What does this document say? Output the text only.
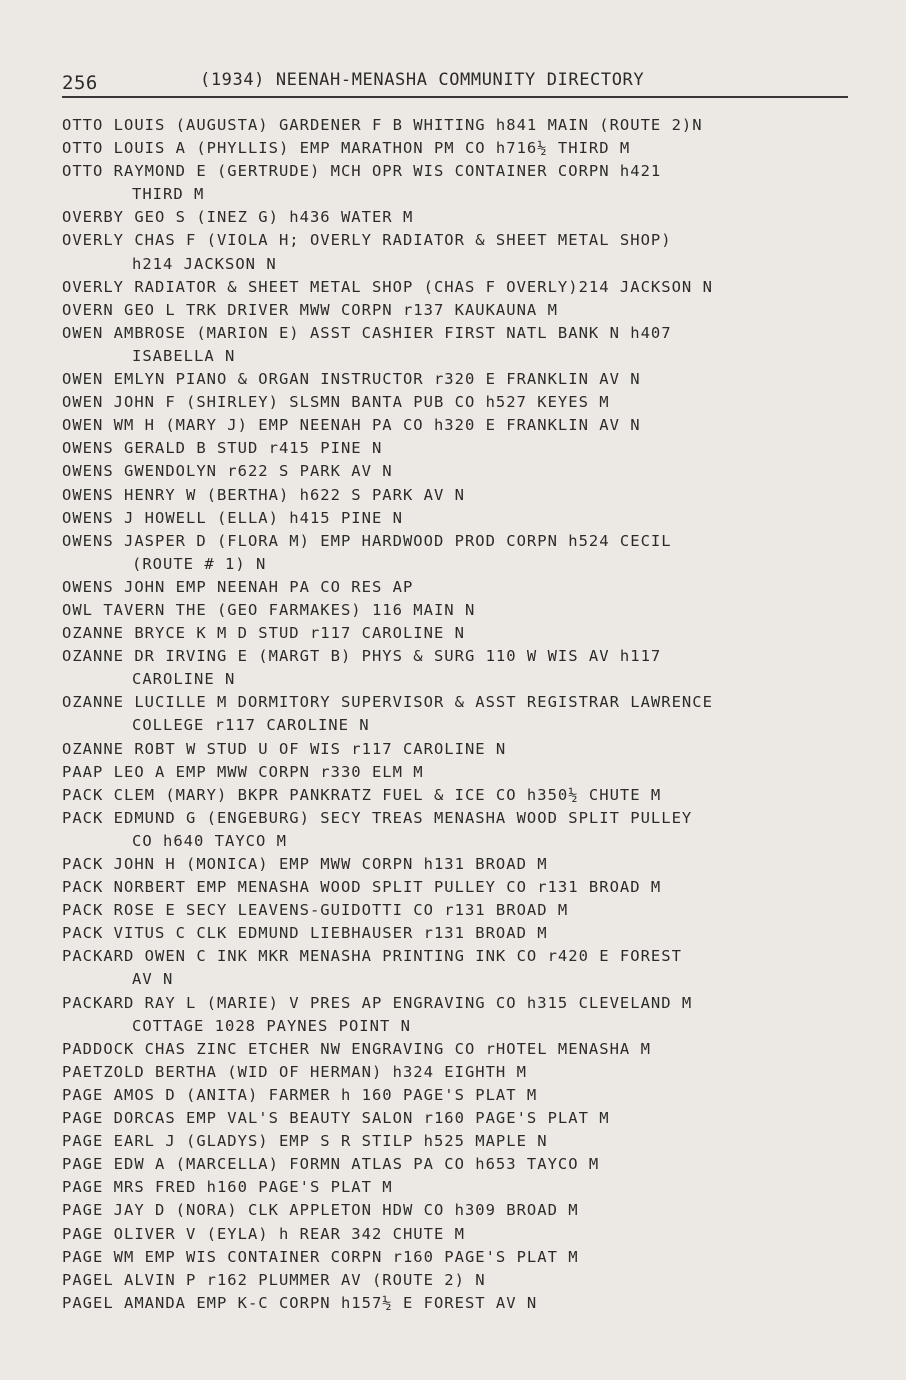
256	(1934) NEENAH-MENASHA COMMUNITY DIRECTORY
OTTO LOUIS (AUGUSTA) GARDENER F B WHITING h841 MAIN (ROUTE 2)N
OTTO LOUIS A (PHYLLIS) EMP MARATHON PM CO h716½ THIRD M
OTTO RAYMOND E (GERTRUDE) MCH OPR WIS CONTAINER CORPN h421
THIRD M
OVERBY GEO S (INEZ G) h436 WATER M
OVERLY CHAS F (VIOLA H; OVERLY RADIATOR & SHEET METAL SHOP)
h214 JACKSON N
OVERLY RADIATOR & SHEET METAL SHOP (CHAS F OVERLY)214 JACKSON N
OVERN GEO L TRK DRIVER MWW CORPN r137 KAUKAUNA M
OWEN AMBROSE (MARION E) ASST CASHIER FIRST NATL BANK N h407
ISABELLA N
OWEN EMLYN PIANO & ORGAN INSTRUCTOR r320 E FRANKLIN AV N
OWEN JOHN F (SHIRLEY) SLSMN BANTA PUB CO h527 KEYES M
OWEN WM H (MARY J) EMP NEENAH PA CO h320 E FRANKLIN AV N
OWENS GERALD B STUD r415 PINE N
OWENS GWENDOLYN r622 S PARK AV N
OWENS HENRY W (BERTHA) h622 S PARK AV N
OWENS J HOWELL (ELLA) h415 PINE N
OWENS JASPER D (FLORA M) EMP HARDWOOD PROD CORPN h524 CECIL
(ROUTE # 1) N
OWENS JOHN EMP NEENAH PA CO RES AP
OWL TAVERN THE (GEO FARMAKES) 116 MAIN N
OZANNE BRYCE K M D STUD r117 CAROLINE N
OZANNE DR IRVING E (MARGT B) PHYS & SURG 110 W WIS AV h117
CAROLINE N
OZANNE LUCILLE M DORMITORY SUPERVISOR & ASST REGISTRAR LAWRENCE
COLLEGE r117 CAROLINE N
OZANNE ROBT W STUD U OF WIS r117 CAROLINE N
PAAP LEO A EMP MWW CORPN r330 ELM M
PACK CLEM (MARY) BKPR PANKRATZ FUEL & ICE CO h350½ CHUTE M
PACK EDMUND G (ENGEBURG) SECY TREAS MENASHA WOOD SPLIT PULLEY
CO h640 TAYCO M
PACK JOHN H (MONICA) EMP MWW CORPN h131 BROAD M
PACK NORBERT EMP MENASHA WOOD SPLIT PULLEY CO r131 BROAD M
PACK ROSE E SECY LEAVENS-GUIDOTTI CO r131 BROAD M
PACK VITUS C CLK EDMUND LIEBHAUSER r131 BROAD M
PACKARD OWEN C INK MKR MENASHA PRINTING INK CO r420 E FOREST
AV N
PACKARD RAY L (MARIE) V PRES AP ENGRAVING CO h315 CLEVELAND M
COTTAGE 1028 PAYNES POINT N
PADDOCK CHAS ZINC ETCHER NW ENGRAVING CO rHOTEL MENASHA M
PAETZOLD BERTHA (WID OF HERMAN) h324 EIGHTH M
PAGE AMOS D (ANITA) FARMER h 160 PAGE'S PLAT M
PAGE DORCAS EMP VAL'S BEAUTY SALON r160 PAGE'S PLAT M
PAGE EARL J (GLADYS) EMP S R STILP h525 MAPLE N
PAGE EDW A (MARCELLA) FORMN ATLAS PA CO h653 TAYCO M
PAGE MRS FRED h160 PAGE'S PLAT M
PAGE JAY D (NORA) CLK APPLETON HDW CO h309 BROAD M
PAGE OLIVER V (EYLA) h REAR 342 CHUTE M
PAGE WM EMP WIS CONTAINER CORPN r160 PAGE'S PLAT M
PAGEL ALVIN P r162 PLUMMER AV (ROUTE 2) N
PAGEL AMANDA EMP K-C CORPN h157½ E FOREST AV N
